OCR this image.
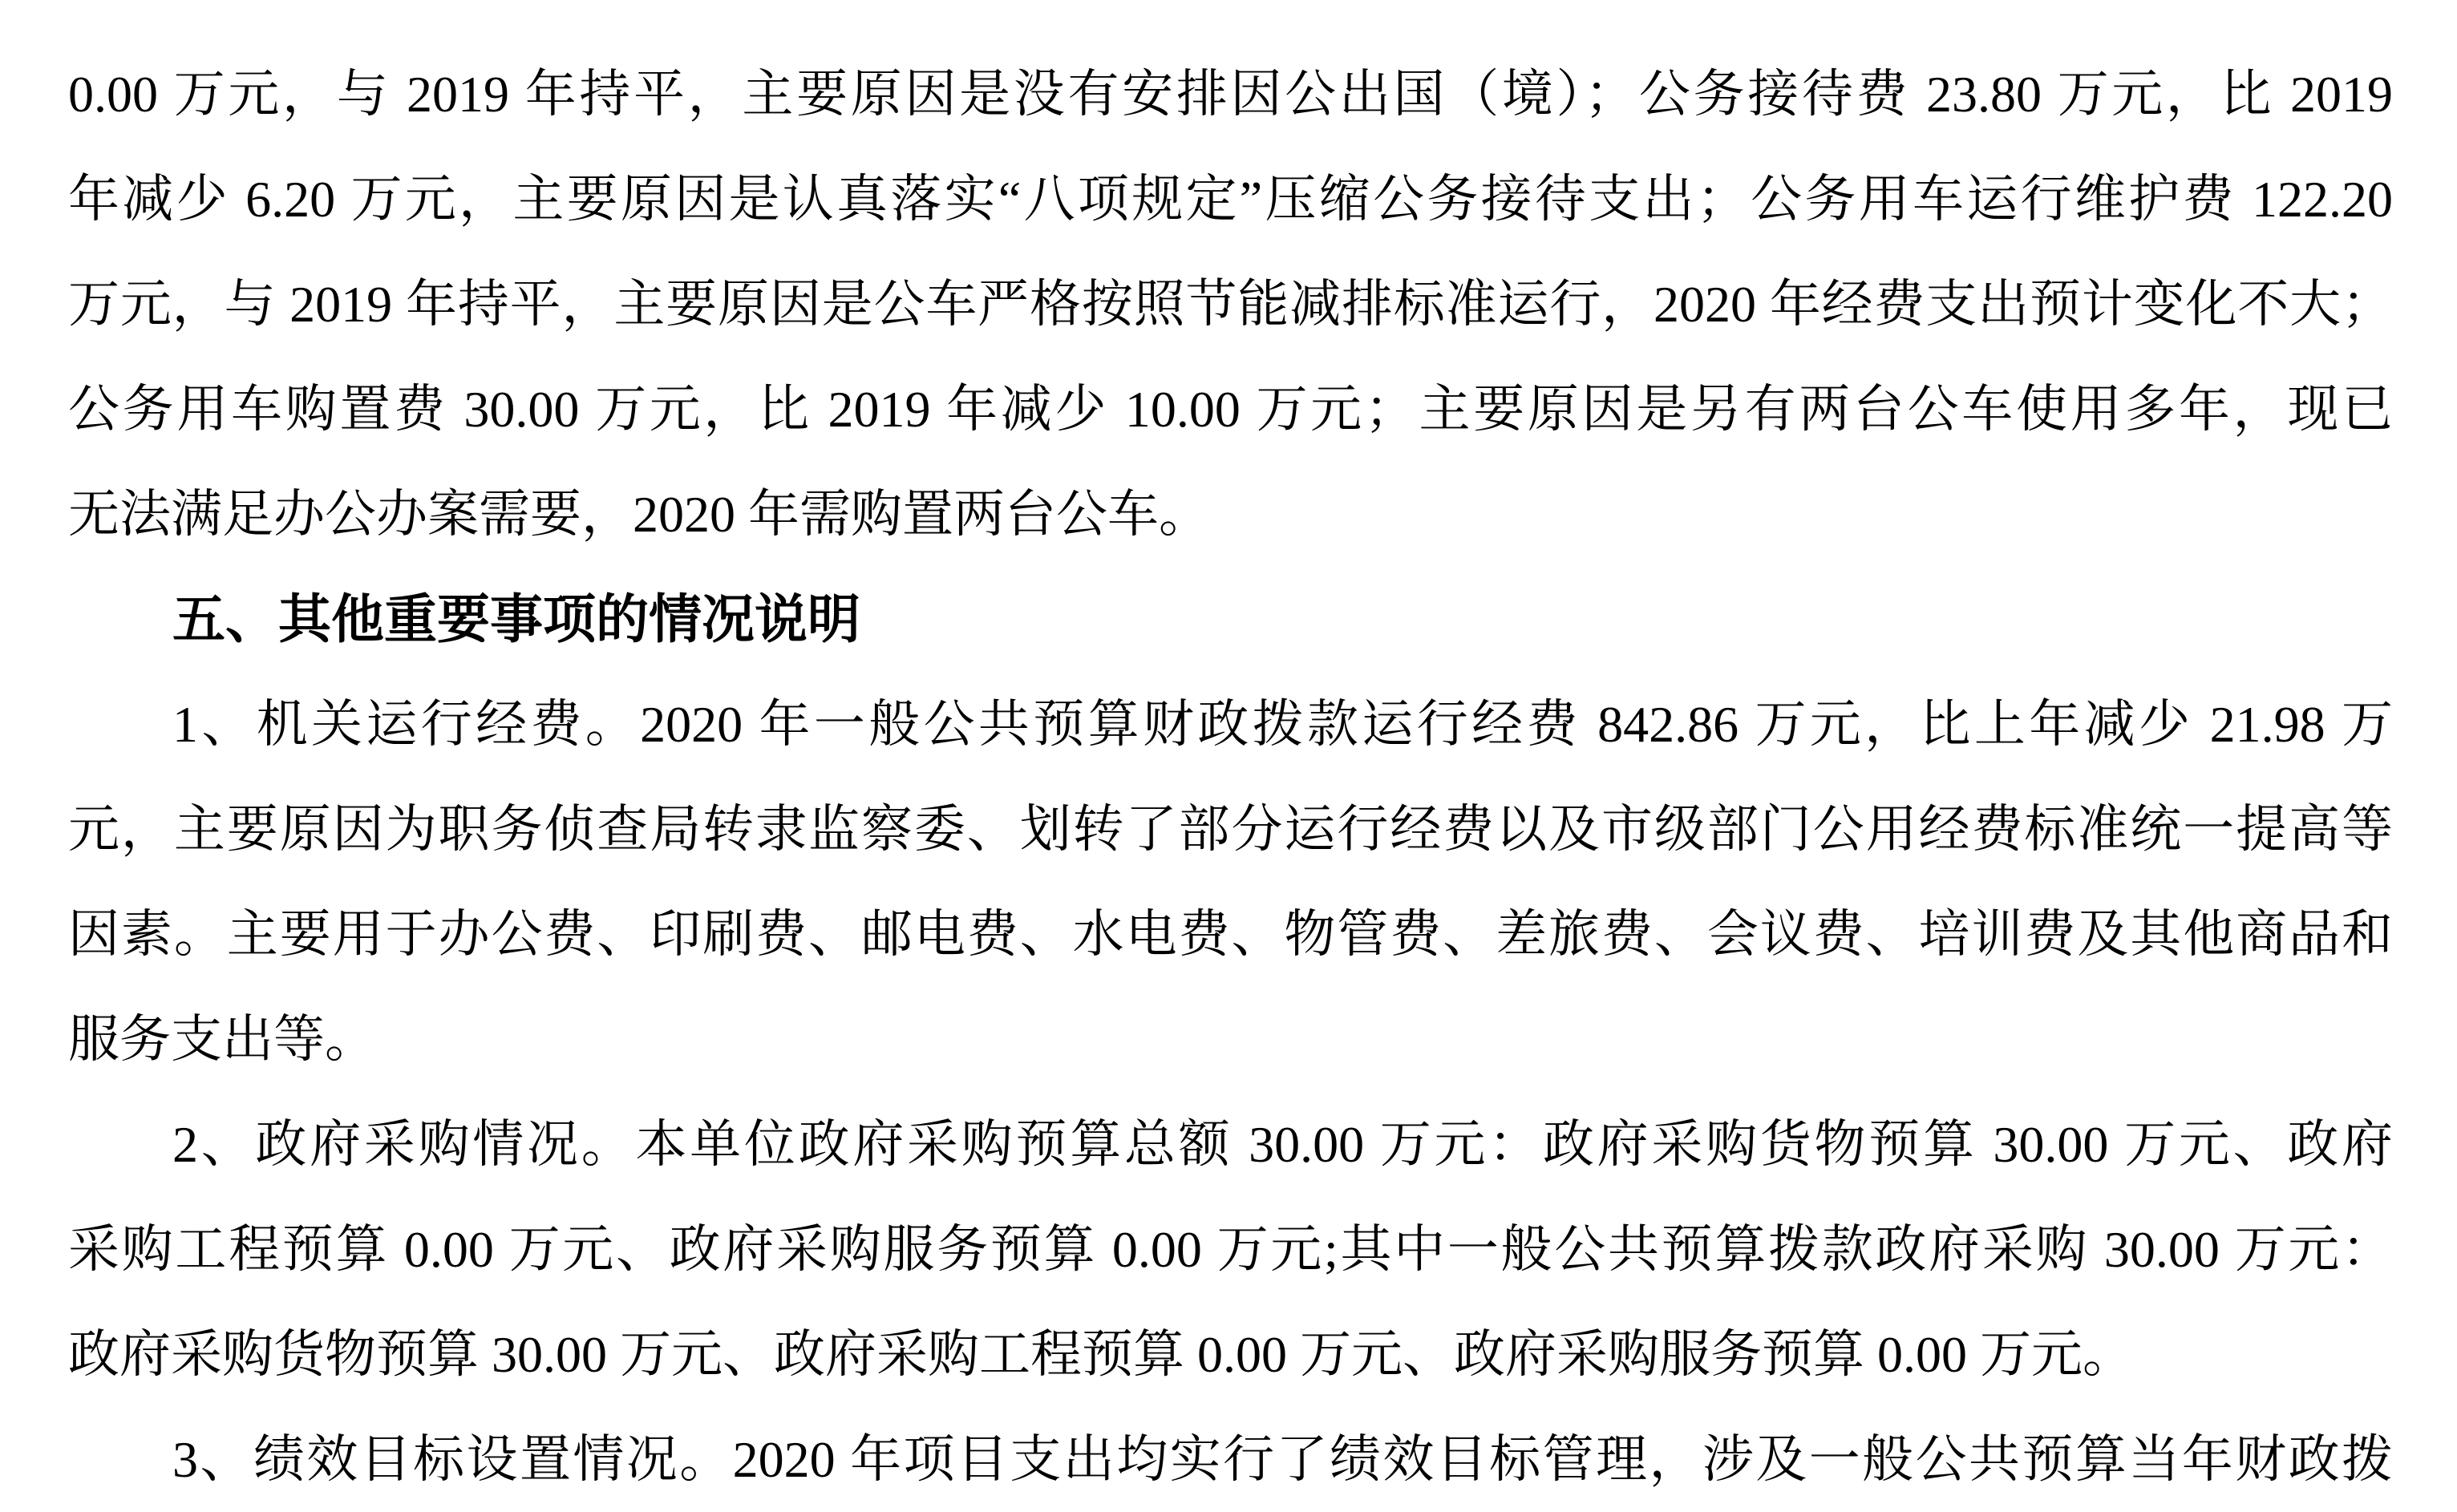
0.00 万元，与 2019 年持平，主要原因是没有安排因公出国（境）；公务接待费 23.80 万元，比 2019
年减少 6.20 万元，主要原因是认真落实“八项规定”压缩公务接待支出；公务用车运行维护费 122.20
万元，与 2019 年持平，主要原因是公车严格按照节能减排标准运行，2020 年经费支出预计变化不大；
公务用车购置费 30.00 万元，比 2019 年减少 10.00 万元；主要原因是另有两台公车使用多年，现已
无法满足办公办案需要，2020 年需购置两台公车。
五、其他重要事项的情况说明
1、机关运行经费。2020 年一般公共预算财政拨款运行经费 842.86 万元，比上年减少 21.98 万
元，主要原因为职务侦查局转隶监察委、划转了部分运行经费以及市级部门公用经费标准统一提高等
因素。主要用于办公费、印刷费、邮电费、水电费、物管费、差旅费、会议费、培训费及其他商品和
服务支出等。
2、政府采购情况。本单位政府采购预算总额 30.00 万元：政府采购货物预算 30.00 万元、政府
采购工程预算 0.00 万元、政府采购服务预算 0.00 万元;其中一般公共预算拨款政府采购 30.00 万元：
政府采购货物预算 30.00 万元、政府采购工程预算 0.00 万元、政府采购服务预算 0.00 万元。
3、绩效目标设置情况。2020 年项目支出均实行了绩效目标管理，涉及一般公共预算当年财政拨
